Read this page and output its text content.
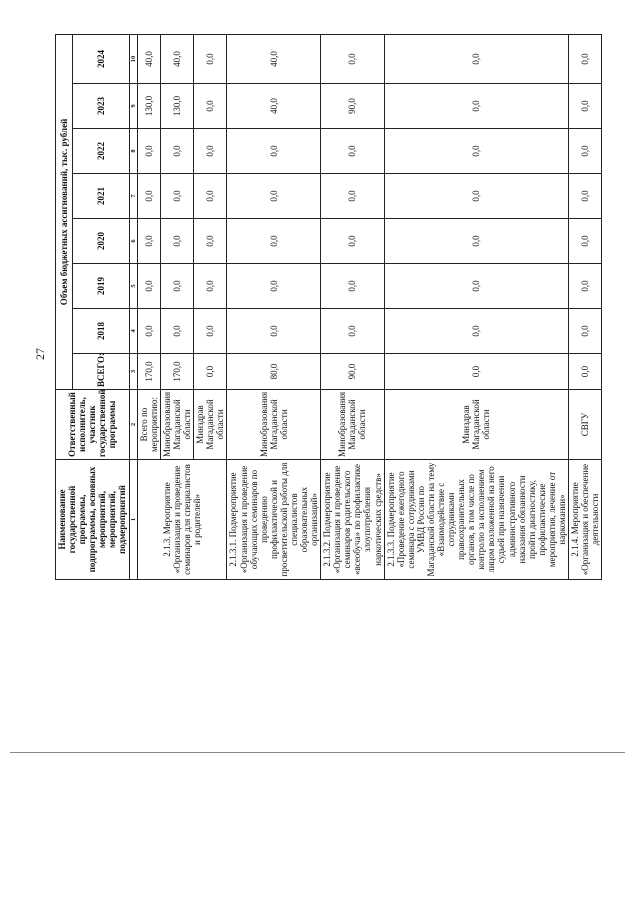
27
Наименование государственной программы, подпрограммы, основных мероприятий, мероприятий, подмероприятий	Ответственный исполнитель, участник государственной программы	Объем бюджетных ассигнований, тыс. рублей							
		ВСЕГО:	2018	2019	2020	2021	2022	2023	2024
1	2	3	4	5	6	7	8	9	10
2.1.3. Мероприятие «Организация и проведение семинаров для специалистов и родителей»	Всего по мероприятию:	170,0	0,0	0,0	0,0	0,0	0,0	130,0	40,0
	Минобразования Магаданской области	170,0	0,0	0,0	0,0	0,0	0,0	130,0	40,0
	Минздрав Магаданской области	0,0	0,0	0,0	0,0	0,0	0,0	0,0	0,0
2.1.3.1. Подмероприятие «Организация и проведение обучающих семинаров по проведению профилактической и просветительской работы для специалистов образовательных организаций»	Минобразования Магаданской области	80,0	0,0	0,0	0,0	0,0	0,0	40,0	40,0
2.1.3.2. Подмероприятие «Организация и проведение семинаров родительского «всеобуча» по профилактике злоупотребления наркотических средств»	Минобразования Магаданской области	90,0	0,0	0,0	0,0	0,0	0,0	90,0	0,0
2.1.3.3. Подмероприятие «Проведение ежегодного семинара с сотрудниками УМВД России по Магаданской области на тему «Взаимодействие с сотрудниками правоохранительных органов, в том числе по контролю за исполнением лицом возложенной на него судьей при назначении административного наказания обязанности пройти диагностику, профилактические мероприятия, лечение от наркомании»	Минздрав Магаданской области	0,0	0,0	0,0	0,0	0,0	0,0	0,0	0,0
2.1.4. Мероприятие «Организация и обеспечение деятельности	СВГУ	0,0	0,0	0,0	0,0	0,0	0,0	0,0	0,0
